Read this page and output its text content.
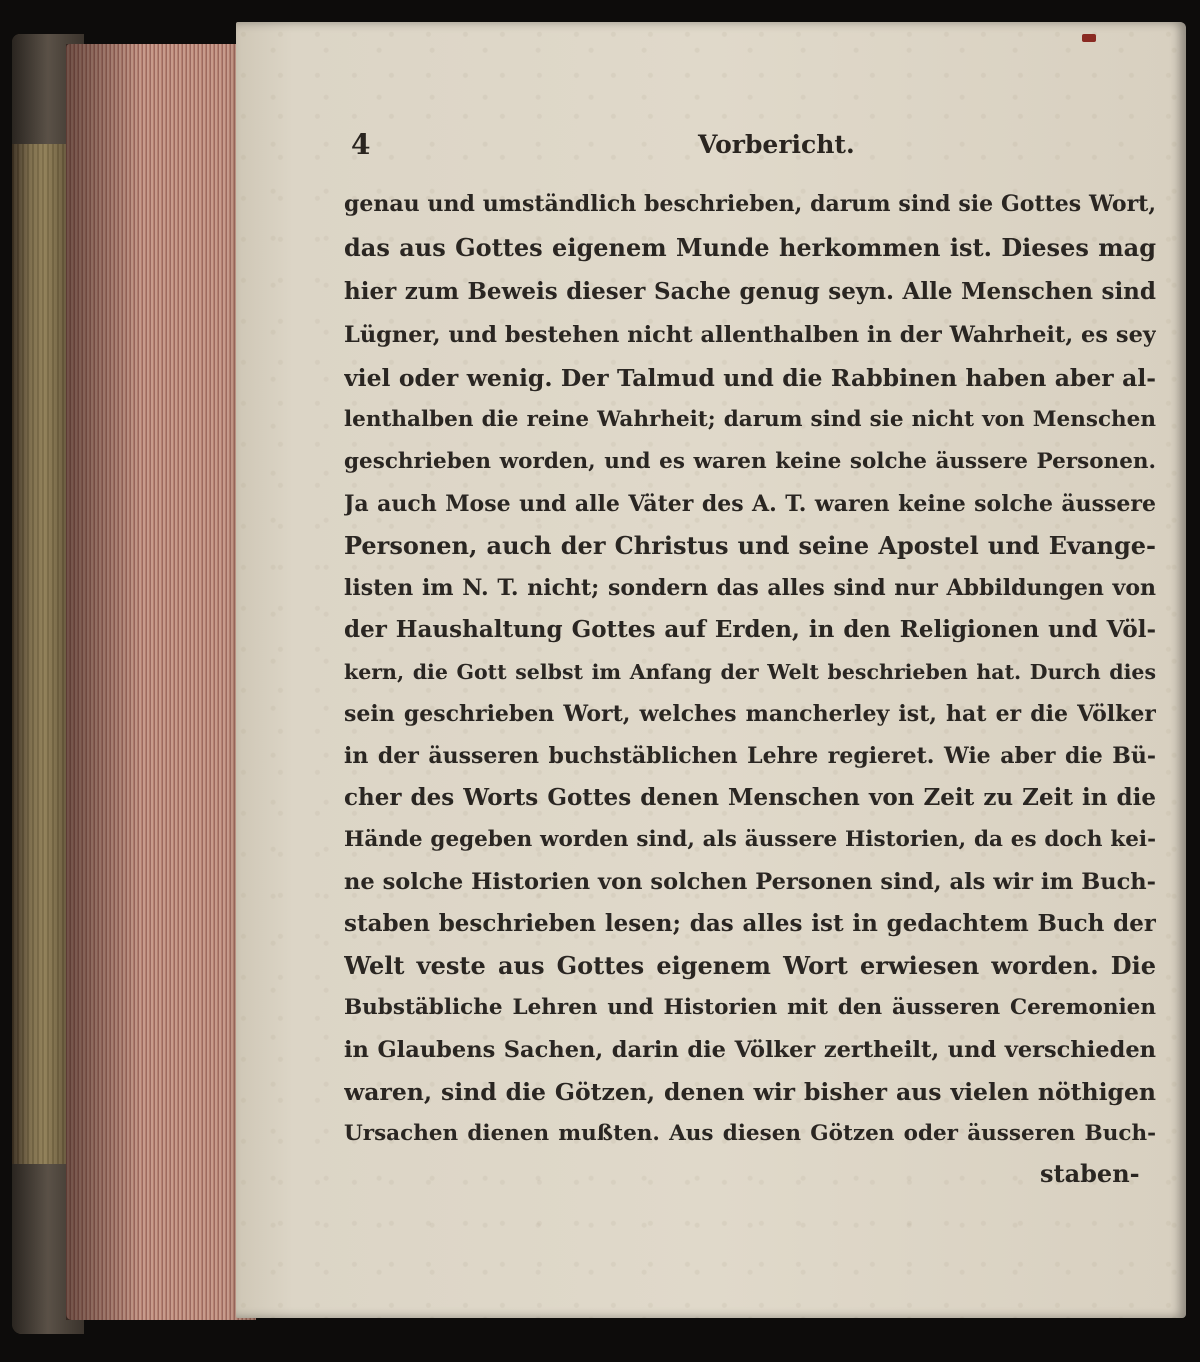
4	Vorbericht.
genau und umständlich beschrieben, darum sind sie Gottes Wort,
das aus Gottes eigenem Munde herkommen ist. Dieses mag
hier zum Beweis dieser Sache genug seyn. Alle Menschen sind
Lügner, und bestehen nicht allenthalben in der Wahrheit, es sey
viel oder wenig. Der Talmud und die Rabbinen haben aber al-
lenthalben die reine Wahrheit; darum sind sie nicht von Menschen
geschrieben worden, und es waren keine solche äussere Personen.
Ja auch Mose und alle Väter des A. T. waren keine solche äussere
Personen, auch der Christus und seine Apostel und Evange-
listen im N. T. nicht; sondern das alles sind nur Abbildungen von
der Haushaltung Gottes auf Erden, in den Religionen und Völ-
kern, die Gott selbst im Anfang der Welt beschrieben hat. Durch dies
sein geschrieben Wort, welches mancherley ist, hat er die Völker
in der äusseren buchstäblichen Lehre regieret. Wie aber die Bü-
cher des Worts Gottes denen Menschen von Zeit zu Zeit in die
Hände gegeben worden sind, als äussere Historien, da es doch kei-
ne solche Historien von solchen Personen sind, als wir im Buch-
staben beschrieben lesen; das alles ist in gedachtem Buch der
Welt veste aus Gottes eigenem Wort erwiesen worden. Die
Bubstäbliche Lehren und Historien mit den äusseren Ceremonien
in Glaubens Sachen, darin die Völker zertheilt, und verschieden
waren, sind die Götzen, denen wir bisher aus vielen nöthigen
Ursachen dienen mußten. Aus diesen Götzen oder äusseren Buch-
staben-
